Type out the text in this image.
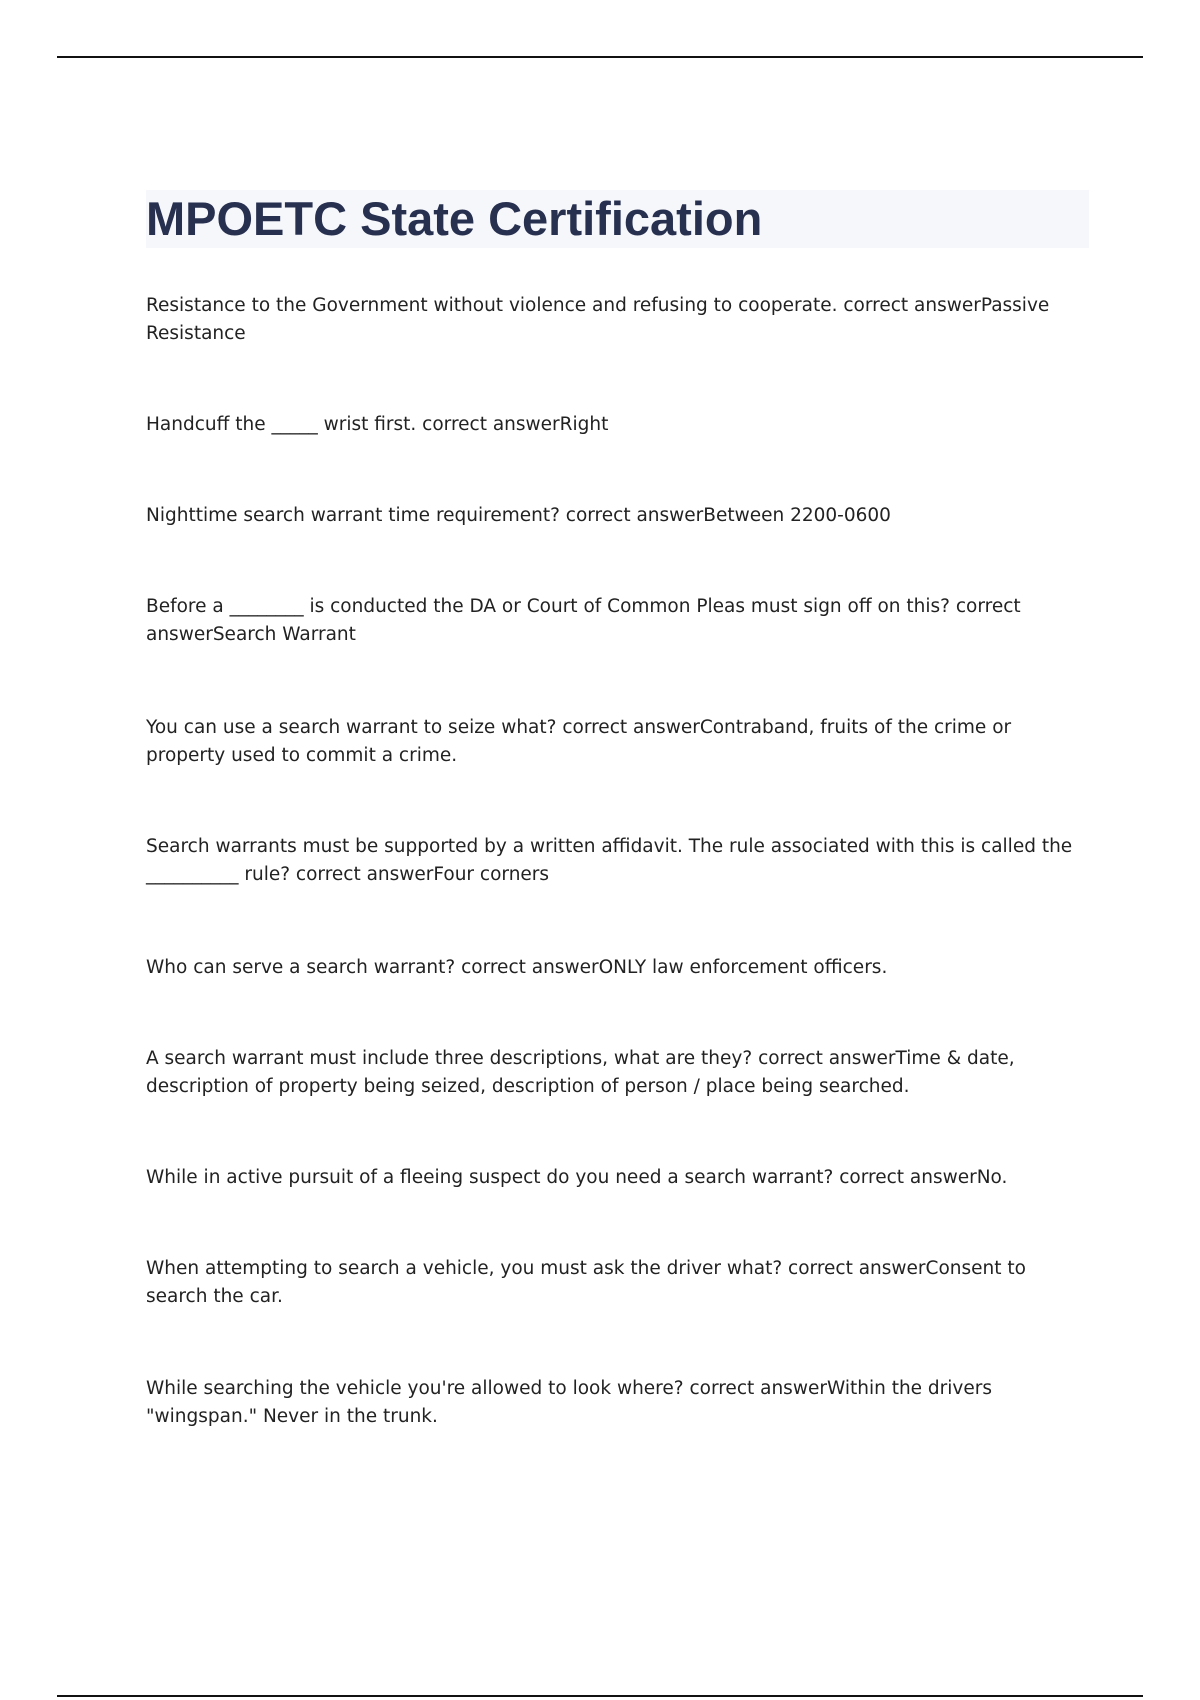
MPOETC State Certification

Resistance to the Government without violence and refusing to cooperate. correct answerPassive Resistance

Handcuff the _____ wrist first. correct answerRight

Nighttime search warrant time requirement? correct answerBetween 2200-0600

Before a ________ is conducted the DA or Court of Common Pleas must sign off on this? correct answerSearch Warrant

You can use a search warrant to seize what? correct answerContraband, fruits of the crime or property used to commit a crime.

Search warrants must be supported by a written affidavit. The rule associated with this is called the __________ rule? correct answerFour corners

Who can serve a search warrant? correct answerONLY law enforcement officers.

A search warrant must include three descriptions, what are they? correct answerTime & date, description of property being seized, description of person / place being searched.

While in active pursuit of a fleeing suspect do you need a search warrant? correct answerNo.

When attempting to search a vehicle, you must ask the driver what? correct answerConsent to search the car.

While searching the vehicle you're allowed to look where? correct answerWithin the drivers "wingspan." Never in the trunk.
